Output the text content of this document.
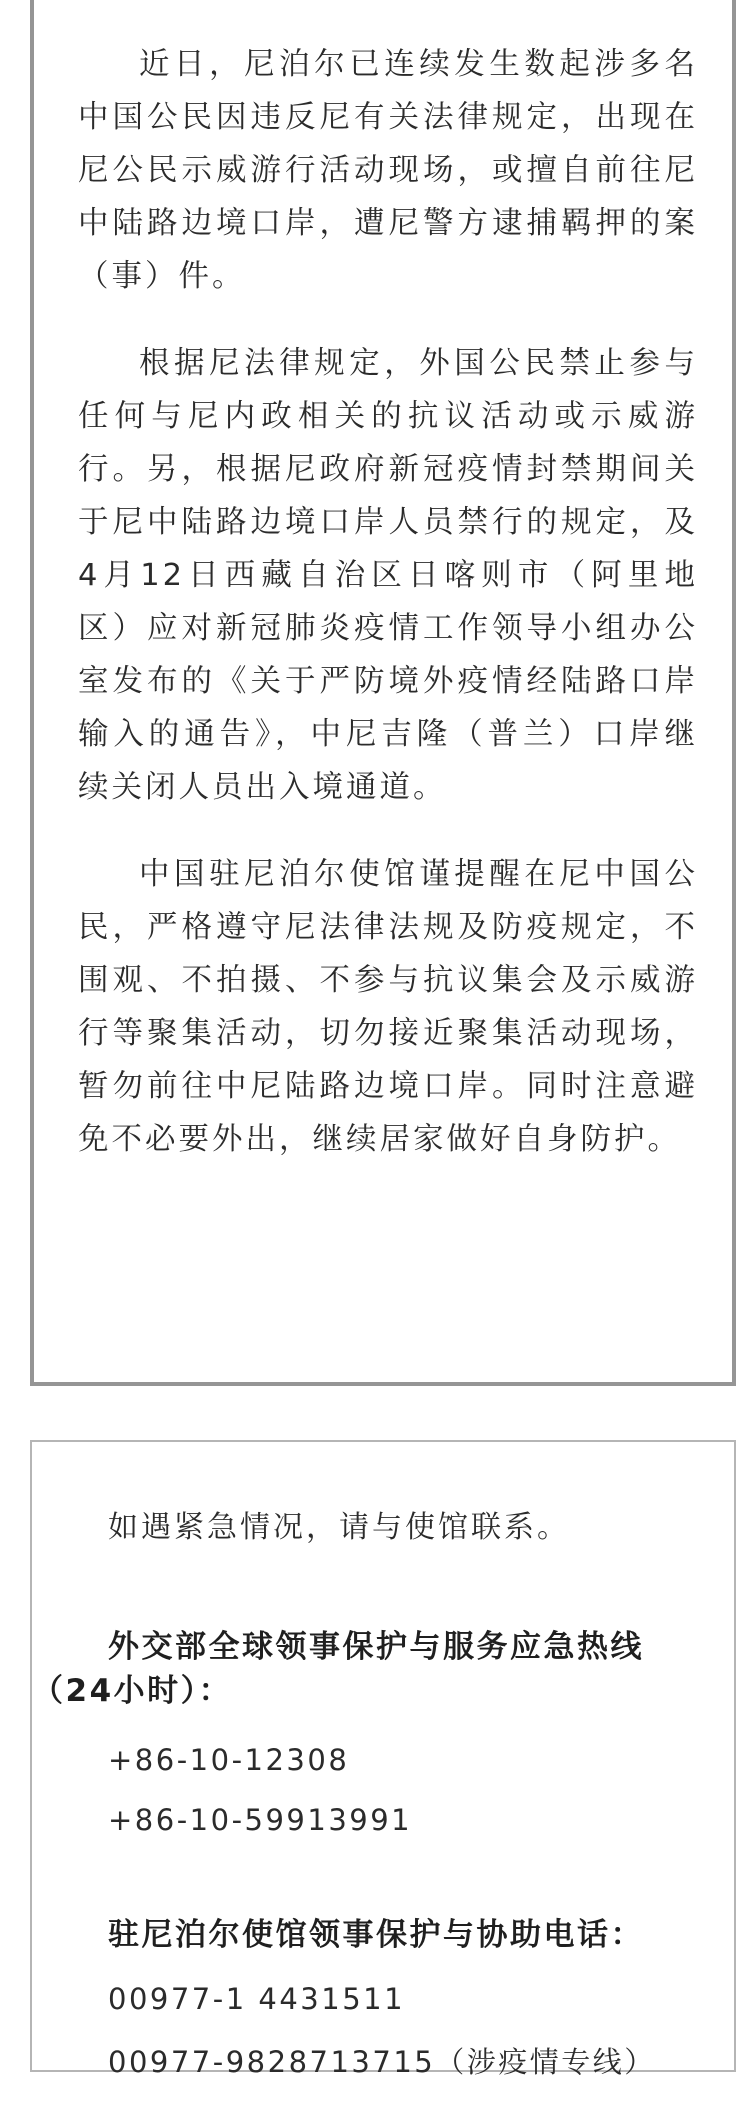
近日，尼泊尔已连续发生数起涉多名中国公民因违反尼有关法律规定，出现在尼公民示威游行活动现场，或擅自前往尼中陆路边境口岸，遭尼警方逮捕羁押的案（事）件。

根据尼法律规定，外国公民禁止参与任何与尼内政相关的抗议活动或示威游行。另，根据尼政府新冠疫情封禁期间关于尼中陆路边境口岸人员禁行的规定，及4月12日西藏自治区日喀则市（阿里地区）应对新冠肺炎疫情工作领导小组办公室发布的《关于严防境外疫情经陆路口岸输入的通告》，中尼吉隆（普兰）口岸继续关闭人员出入境通道。

中国驻尼泊尔使馆谨提醒在尼中国公民，严格遵守尼法律法规及防疫规定，不围观、不拍摄、不参与抗议集会及示威游行等聚集活动，切勿接近聚集活动现场，暂勿前往中尼陆路边境口岸。同时注意避免不必要外出，继续居家做好自身防护。

如遇紧急情况，请与使馆联系。

外交部全球领事保护与服务应急热线
（24小时）：

+86-10-12308

+86-10-59913991

驻尼泊尔使馆领事保护与协助电话：

00977-1 4431511

00977-9828713715（涉疫情专线）
